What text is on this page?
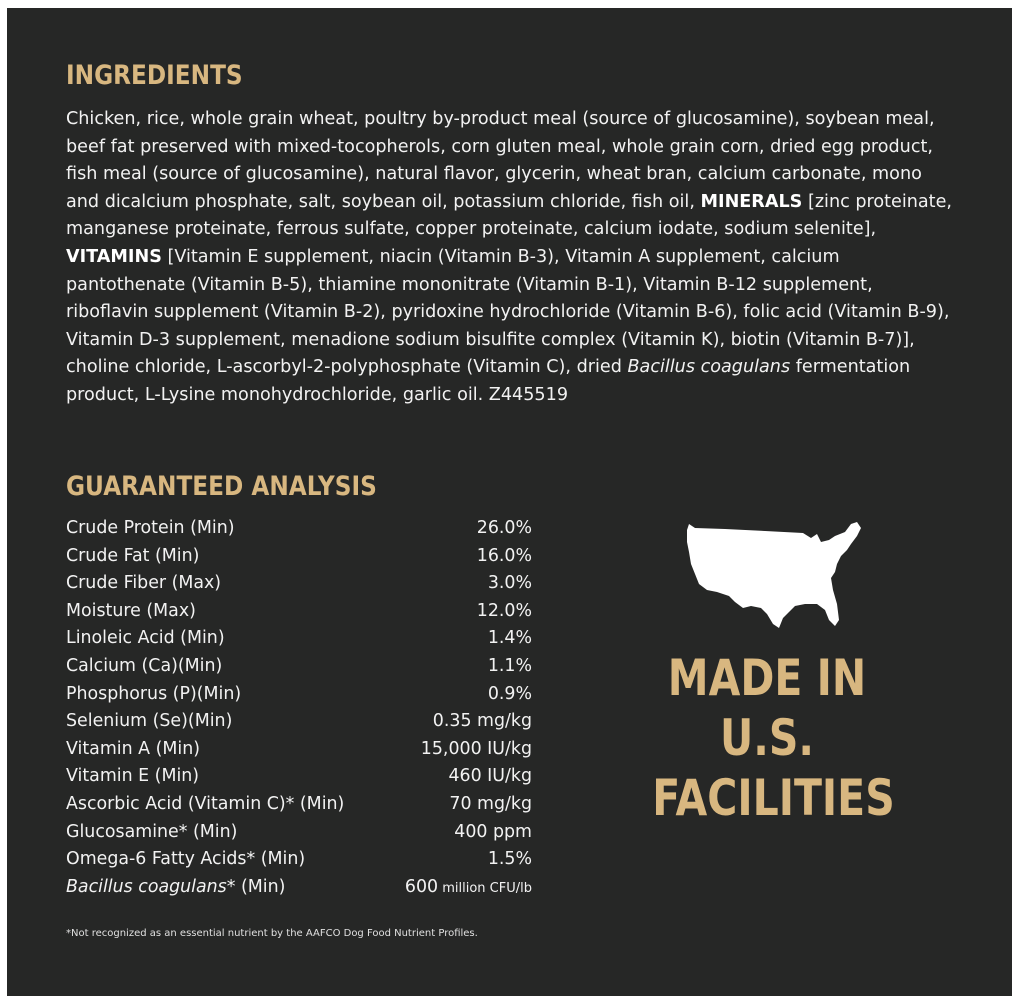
INGREDIENTS

Chicken, rice, whole grain wheat, poultry by-product meal (source of glucosamine), soybean meal, beef fat preserved with mixed-tocopherols, corn gluten meal, whole grain corn, dried egg product, fish meal (source of glucosamine), natural flavor, glycerin, wheat bran, calcium carbonate, mono and dicalcium phosphate, salt, soybean oil, potassium chloride, fish oil, MINERALS [zinc proteinate, manganese proteinate, ferrous sulfate, copper proteinate, calcium iodate, sodium selenite], VITAMINS [Vitamin E supplement, niacin (Vitamin B-3), Vitamin A supplement, calcium pantothenate (Vitamin B-5), thiamine mononitrate (Vitamin B-1), Vitamin B-12 supplement, riboflavin supplement (Vitamin B-2), pyridoxine hydrochloride (Vitamin B-6), folic acid (Vitamin B-9), Vitamin D-3 supplement, menadione sodium bisulfite complex (Vitamin K), biotin (Vitamin B-7)], choline chloride, L-ascorbyl-2-polyphosphate (Vitamin C), dried Bacillus coagulans fermentation product, L-Lysine monohydrochloride, garlic oil. Z445519

GUARANTEED ANALYSIS
Crude Protein (Min)	26.0%
Crude Fat (Min)	16.0%
Crude Fiber (Max)	3.0%
Moisture (Max)	12.0%
Linoleic Acid (Min)	1.4%
Calcium (Ca)(Min)	1.1%
Phosphorus (P)(Min)	0.9%
Selenium (Se)(Min)	0.35 mg/kg
Vitamin A (Min)	15,000 IU/kg
Vitamin E (Min)	460 IU/kg
Ascorbic Acid (Vitamin C)* (Min)	70 mg/kg
Glucosamine* (Min)	400 ppm
Omega-6 Fatty Acids* (Min)	1.5%
Bacillus coagulans* (Min)	600 million CFU/lb
*Not recognized as an essential nutrient by the AAFCO Dog Food Nutrient Profiles.
MADE IN
U.S.
FACILITIES
